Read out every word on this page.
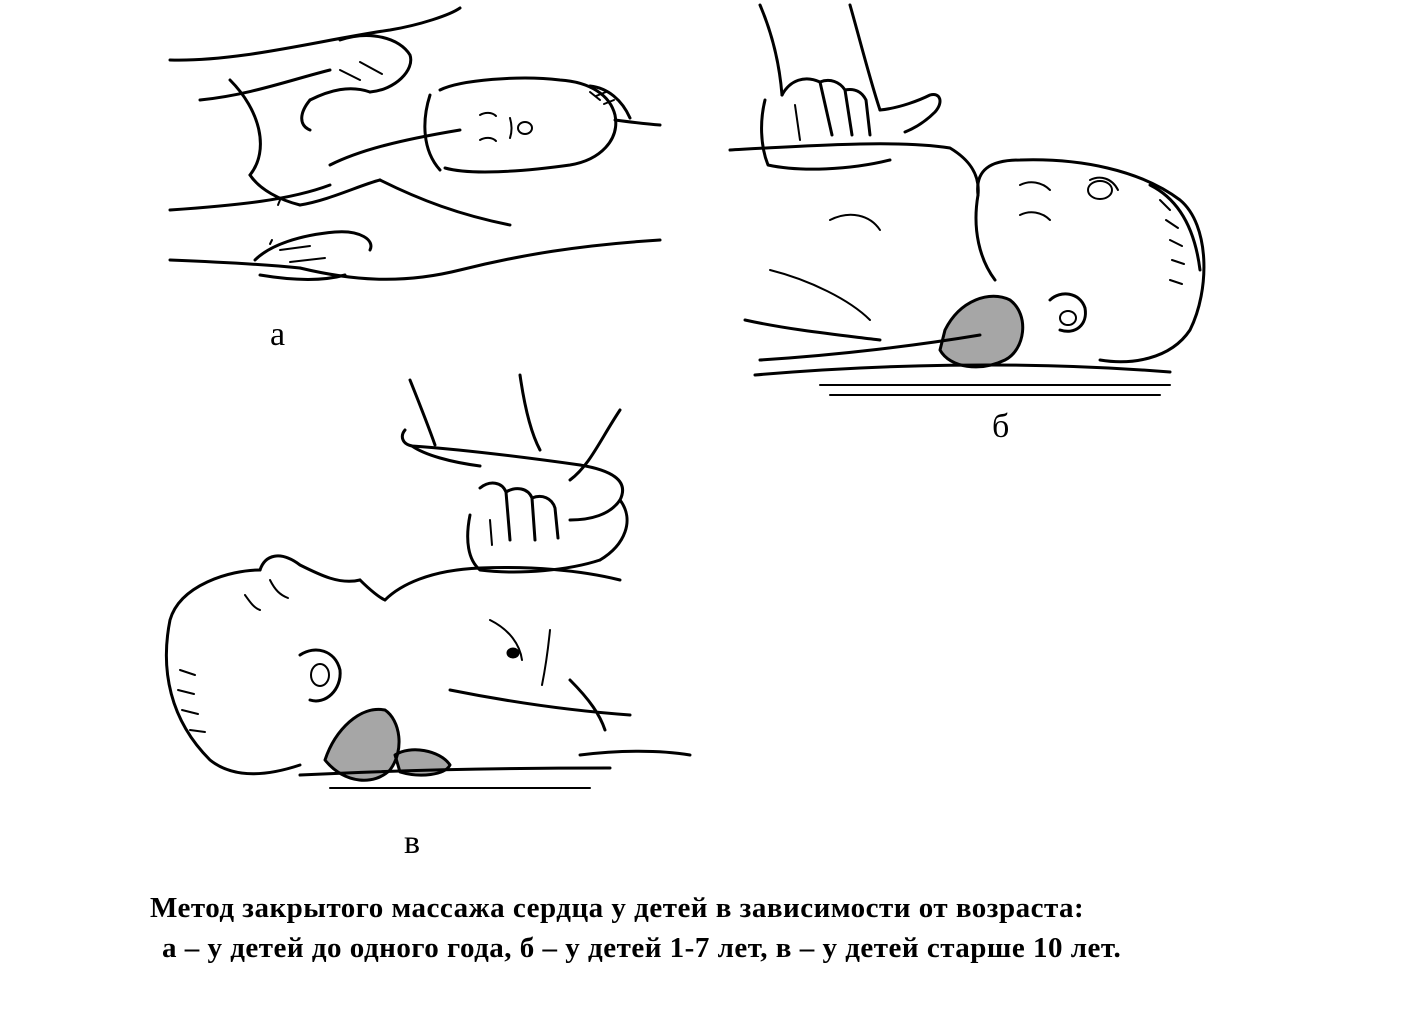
а
б
в
Метод закрытого массажа сердца у детей в зависимости от возраста:
а – у детей до одного года, б – у детей 1-7 лет, в – у детей старше 10 лет.
